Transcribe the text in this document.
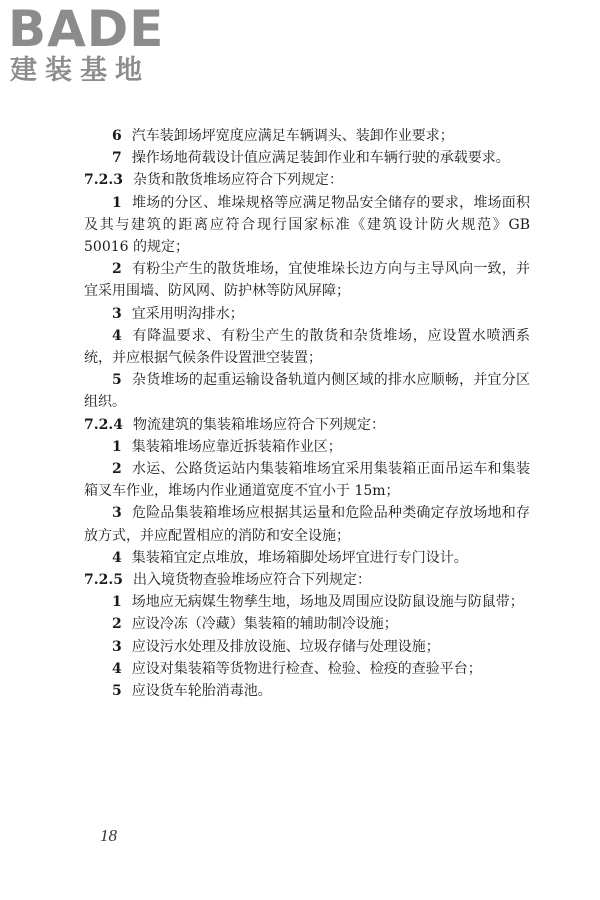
BADE
建装基地

6 汽车装卸场坪宽度应满足车辆调头、装卸作业要求；

7 操作场地荷载设计值应满足装卸作业和车辆行驶的承载要求。

7.2.3 杂货和散货堆场应符合下列规定：

1 堆场的分区、堆垛规格等应满足物品安全储存的要求，堆场面积及其与建筑的距离应符合现行国家标准《建筑设计防火规范》GB 50016 的规定；

2 有粉尘产生的散货堆场，宜使堆垛长边方向与主导风向一致，并宜采用围墙、防风网、防护林等防风屏障；

3 宜采用明沟排水；

4 有降温要求、有粉尘产生的散货和杂货堆场，应设置水喷洒系统，并应根据气候条件设置泄空装置；

5 杂货堆场的起重运输设备轨道内侧区域的排水应顺畅，并宜分区组织。

7.2.4 物流建筑的集装箱堆场应符合下列规定：

1 集装箱堆场应靠近拆装箱作业区；

2 水运、公路货运站内集装箱堆场宜采用集装箱正面吊运车和集装箱叉车作业，堆场内作业通道宽度不宜小于 15m；

3 危险品集装箱堆场应根据其运量和危险品种类确定存放场地和存放方式，并应配置相应的消防和安全设施；

4 集装箱宜定点堆放，堆场箱脚处场坪宜进行专门设计。

7.2.5 出入境货物查验堆场应符合下列规定：

1 场地应无病媒生物孳生地，场地及周围应设防鼠设施与防鼠带；

2 应设冷冻（冷藏）集装箱的辅助制冷设施；

3 应设污水处理及排放设施、垃圾存储与处理设施；

4 应设对集装箱等货物进行检查、检验、检疫的查验平台；

5 应设货车轮胎消毒池。

18
